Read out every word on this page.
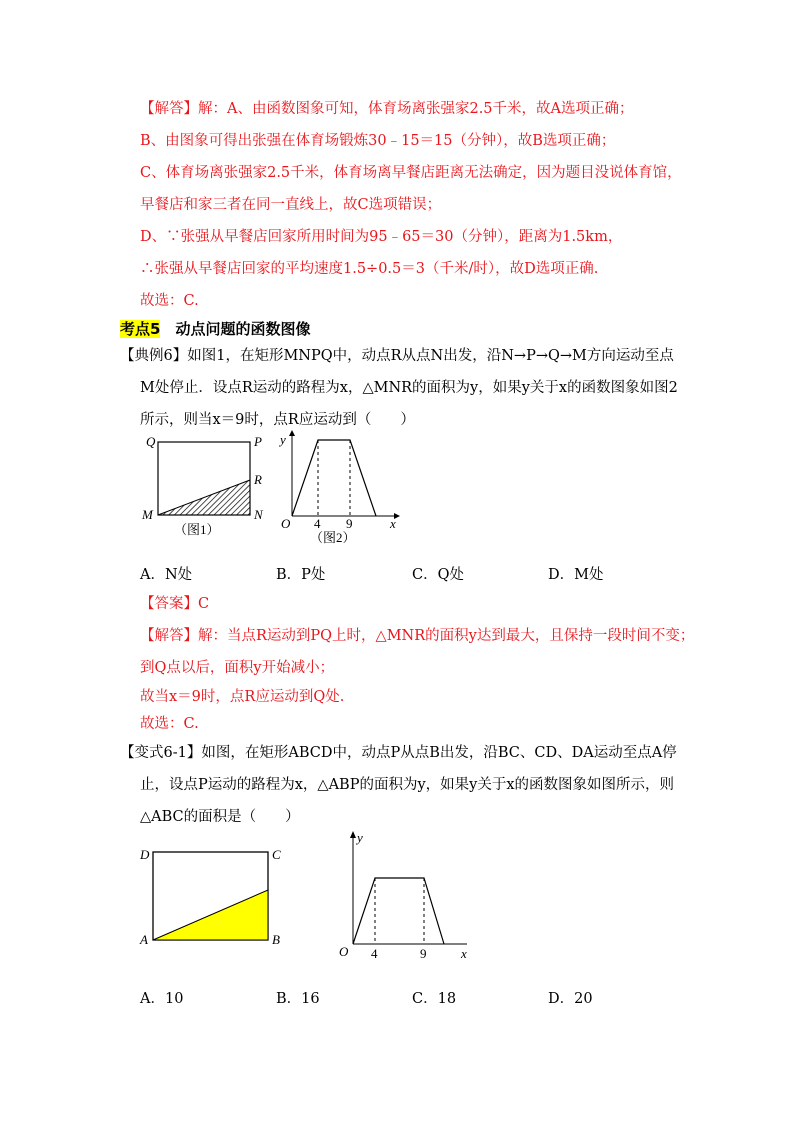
【解答】解：A、由函数图象可知，体育场离张强家2.5千米，故A选项正确；
B、由图象可得出张强在体育场锻炼30﹣15＝15（分钟），故B选项正确；
C、体育场离张强家2.5千米，体育场离早餐店距离无法确定，因为题目没说体育馆，
早餐店和家三者在同一直线上，故C选项错误；
D、∵张强从早餐店回家所用时间为95﹣65＝30（分钟），距离为1.5km，
∴张强从早餐店回家的平均速度1.5÷0.5＝3（千米/时），故D选项正确.
故选：C.
考点5　 动点问题的函数图像
【典例6】如图1，在矩形MNPQ中，动点R从点N出发，沿N→P→Q→M方向运动至点
M处停止．设点R运动的路程为x，△MNR的面积为y，如果y关于x的函数图象如图2
所示，则当x＝9时，点R应运动到（　　）
Q	P
R
M	N
（图1）
y
O 4 9	x
（图2）
A．N处	B．P处	C．Q处	D．M处
【答案】C
【解答】解：当点R运动到PQ上时，△MNR的面积y达到最大，且保持一段时间不变；
到Q点以后，面积y开始减小；
故当x＝9时，点R应运动到Q处.
故选：C.
【变式6-1】如图，在矩形ABCD中，动点P从点B出发，沿BC、CD、DA运动至点A停
止，设点P运动的路程为x，△ABP的面积为y，如果y关于x的函数图象如图所示，则
△ABC的面积是（　　）
D	C
A	B
y
O 4	9	x
A．10	B．16	C．18	D．20
